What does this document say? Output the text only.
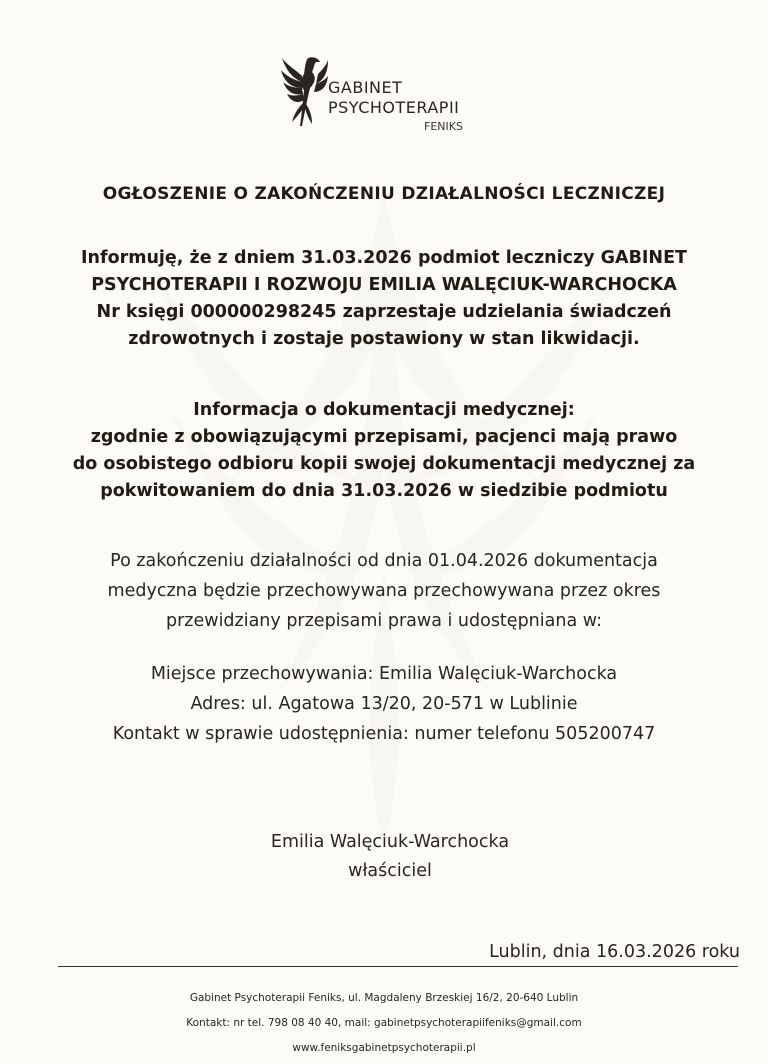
GABINET
PSYCHOTERAPII
FENIKS
OGŁOSZENIE O ZAKOŃCZENIU DZIAŁALNOŚCI LECZNICZEJ
Informuję, że z dniem 31.03.2026 podmiot leczniczy GABINET
PSYCHOTERAPII I ROZWOJU EMILIA WALĘCIUK-WARCHOCKA
Nr księgi 000000298245 zaprzestaje udzielania świadczeń
zdrowotnych i zostaje postawiony w stan likwidacji.
Informacja o dokumentacji medycznej:
zgodnie z obowiązującymi przepisami, pacjenci mają prawo
do osobistego odbioru kopii swojej dokumentacji medycznej za
pokwitowaniem do dnia 31.03.2026 w siedzibie podmiotu
Po zakończeniu działalności od dnia 01.04.2026 dokumentacja
medyczna będzie przechowywana przechowywana przez okres
przewidziany przepisami prawa i udostępniana w:
Miejsce przechowywania: Emilia Walęciuk-Warchocka
Adres: ul. Agatowa 13/20, 20-571 w Lublinie
Kontakt w sprawie udostępnienia: numer telefonu 505200747
Emilia Walęciuk-Warchocka
właściciel
Lublin, dnia 16.03.2026 roku
Gabinet Psychoterapii Feniks, ul. Magdaleny Brzeskiej 16/2, 20-640 Lublin
Kontakt: nr tel. 798 08 40 40, mail: gabinetpsychoterapiifeniks@gmail.com
www.feniksgabinetpsychoterapii.pl
